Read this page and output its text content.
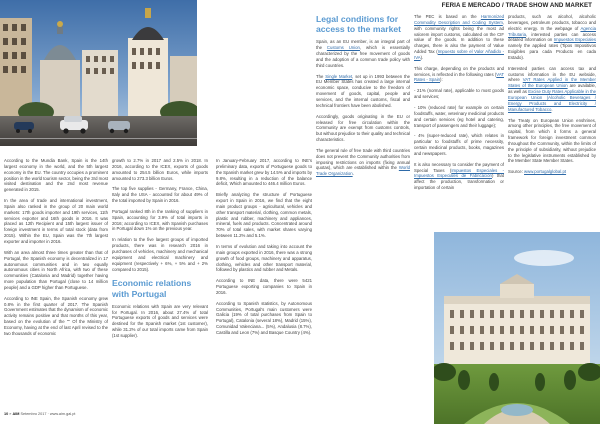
According to the Mundia Bank, Spain is the 14th largest economy in the world, and the 5th largest economy in the EU. The country occupies a prominent position in the world tourism sector, being the 3rd most visited destination and the 2nd most revenue generated in 2015.

In the area of trade and international investment, Spain also ranked in the group of 20 main world markets: 17th goods importer and 19th services, 11th services exporter and 16th goods in 2016. It was placed as 12th Recipient and 15th largest issuer of foreign investment in terms of total stock (data from 2015). Within the EU, Spain was the 7th largest exporter and importer in 2016.

With an area almost three times greater than that of Portugal, the Spanish economy is decentralized in 17 autonomous communities and in two equally autonomous cities in North Africa, with two of these communities (Catalonia and Madrid) together having more population than Portugal (close to 14 million people) and a GDP higher than Portuguese.

According to INE Spain, the Spanish economy grew 0.8% in the first quarter of 2017. The Spanish Government estimates that the dynamism of economic activity remains positive and that months of this year, based on the evolution of the "" Of the Ministry of Economy, having at the end of last April revised to the two thousands of economic

growth to 2.7% in 2017 and 2.5% in 2018. In 2016, according to the ICEX, exports of goods amounted to 254.5 billion Euros, while imports amounted to 273.3 billion Euros.

The top five supplies - Germany, France, China, Italy and the USA - accounted for about 49% of the total imported by Spain in 2016.

Portugal ranked 8th in the ranking of suppliers in Spain, accounting for 3.9% of total imports in 2016; according to ICEX, with Spanish purchases in Portugal down 1% on the previous year.

In relation to the five largest groups of imported products, there was in research 2016 in purchases of vehicles, machinery and mechanical equipment and electrical machinery and equipment (respectively + 6%, + 5% and + 2% compared to 2015).

Economic relations with Portugal

Economic relations with Spain are very relevant for Portugal. In 2016, about 27.4% of total Portuguese exports of goods and services were destined for the Spanish market (1st customer), while 31.2% of our total imports came from Spain (1st supplier).

In January-February 2017, according to INE's preliminary data, exports of Portuguese goods to the Spanish market grew by 14.5% and imports by 9.8%, resulting in a reduction of the balance deficit, Which amounted to 446.4 million Euros.

Briefly analyzing the structure of Portuguese export in Spain in 2016, we find that the eight main product groups - agricultural, vehicles and other transport material, clothing, common metals, plastic and rubber, machinery and appliances, mineral, fuels and products. Concentrated around 70% of total sales, with market shares varying between 11.2% and 5.1%.

In terms of evolution and taking into account the main groups exported in 2016, there was a strong growth of food groups, machinery and apparatus, clothing, vehicles and other transport material, followed by plastics and rubber and Metals.

According to INE data, there were 5421 Portuguese exporting companies to Spain in 2016.

According to Spanish statistics, by Autonomous Communities, Portugal's main customers were Galicia (19% of total purchases from Spain to Portugal), Catalonia (several 18%), Madrid (15%), Comunidad Valenciana... (5%), Andalusia (8.7%), Castilla and Leon (7%) and Basque Country (4%).

Legal conditions for access to the market

Spain, as an EU member, is an integral part of the Customs Union, which is essentially characterized by the free movement of goods and the adoption of a common trade policy with third countries.

The Single Market, set up in 1993 between the EU Member States has created a large internal economic space, conducive to the freedom of movement of goods, capital, people and services, and the internal customs, fiscal and technical frontiers have been abolished.

Accordingly, goods originating in the EU or released for free circulation within the Community are exempt from customs controls, but without prejudice to their quality and technical characteristics.

The general rule of free trade with third countries does not prevent the Community authorities from imposing restrictions on imports (fixing annual quotas), which are established within the World Trade Organization.

The PEC is based on the Harmonized Commodity Description and Coding System, with community rights being the most ad valorem import customs, calculated on the CIF value of the goods. In addition to these charges, there is also the payment of Value Added Tax (Impuesto sobre el Valor Añadido - IVA).

This charge, depending on the products and services, is reflected in the following rates (VAT Rates - Spain):

- 21% (normal rate), applicable to most goods and services;

- 10% (reduced rate) for example on certain foodstuffs, water, veterinary medicinal products and certain services (eg hotel and catering, transport of passengers and their luggage);

- 4% (super-reduced rate), which relates in particular to foodstuffs of prime necessity, certain medicinal products, books, magazines and newspapers.

It is also necessary to consider the payment of Special Taxes (Impuestos Especiales - Impuestos Especiales de Fabricación) that affect the production, transformation or importation of certain

products, such as alcohol, alcoholic beverages, petroleum products, tobacco and electric energy. In the webpage of Agencia Tributaria, interested parties can access detailed information on Impuestos Especiales namely the applied rates (Tipos Impositivos Exigibles para cada Producto en cada Estado).

Interested parties can access tax and customs information in the EU webside, where VAT Rates Applied in the Member States of the European Union are available, as well as Excise Duty Rates Applicable in the European Union (Alcoholic Beverages / Energy Products and Electricity / Manufactured Tobacco.

The Treaty on European Union enshrines, among other principles, the free movement of capital, from which it forms a general framework for foreign investment common throughout the Community, within the limits of the principle of subsidiarity, without prejudice to the legislative instruments established by the Member State Member States.

Source: www.portugalglobal.pt

FERIA E MERCADO / TRADE SHOW AND MARKET
10 » AIM Setembro 2017 · www.aim.gal.pt
